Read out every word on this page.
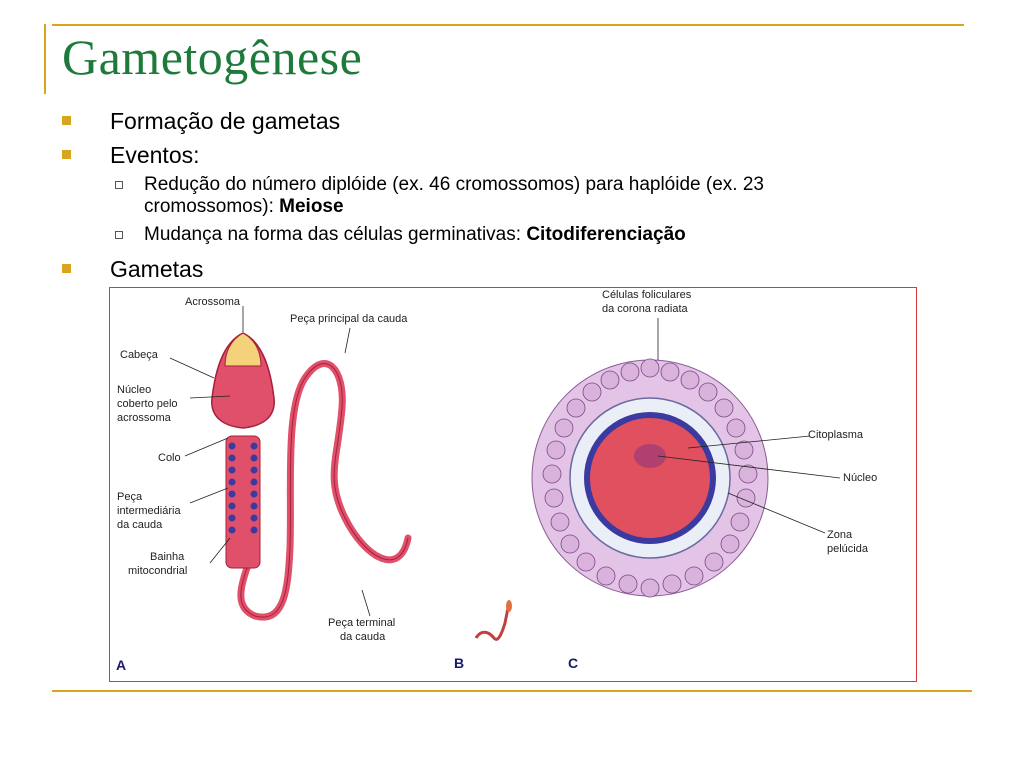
Gametogênese
Formação de gametas
Eventos:
Redução do número diplóide (ex. 46 cromossomos) para haplóide (ex. 23 cromossomos): Meiose
Mudança na forma das células germinativas: Citodiferenciação
Gametas
Acrossoma
Cabeça
Núcleo
coberto pelo
acrossoma
Colo
Peça
intermediária
da cauda
Bainha
mitocondrial
Peça principal da cauda
Peça terminal
da cauda
Células foliculares
da corona radiata
Citoplasma
Núcleo
Zona
pelúcida
A	B	C
